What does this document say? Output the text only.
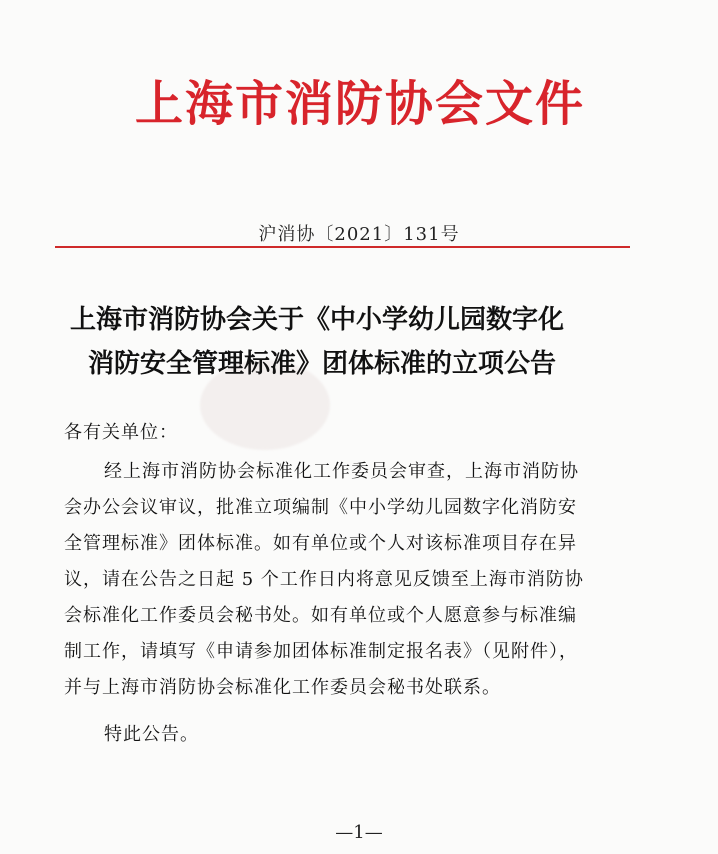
上海市消防协会文件
沪消协〔2021〕131号
上海市消防协会关于《中小学幼儿园数字化
消防安全管理标准》团体标准的立项公告
各有关单位：
经上海市消防协会标准化工作委员会审查，上海市消防协
会办公会议审议，批准立项编制《中小学幼儿园数字化消防安
全管理标准》团体标准。如有单位或个人对该标准项目存在异
议，请在公告之日起 5 个工作日内将意见反馈至上海市消防协
会标准化工作委员会秘书处。如有单位或个人愿意参与标准编
制工作，请填写《申请参加团体标准制定报名表》（见附件），
并与上海市消防协会标准化工作委员会秘书处联系。
特此公告。
—1—
